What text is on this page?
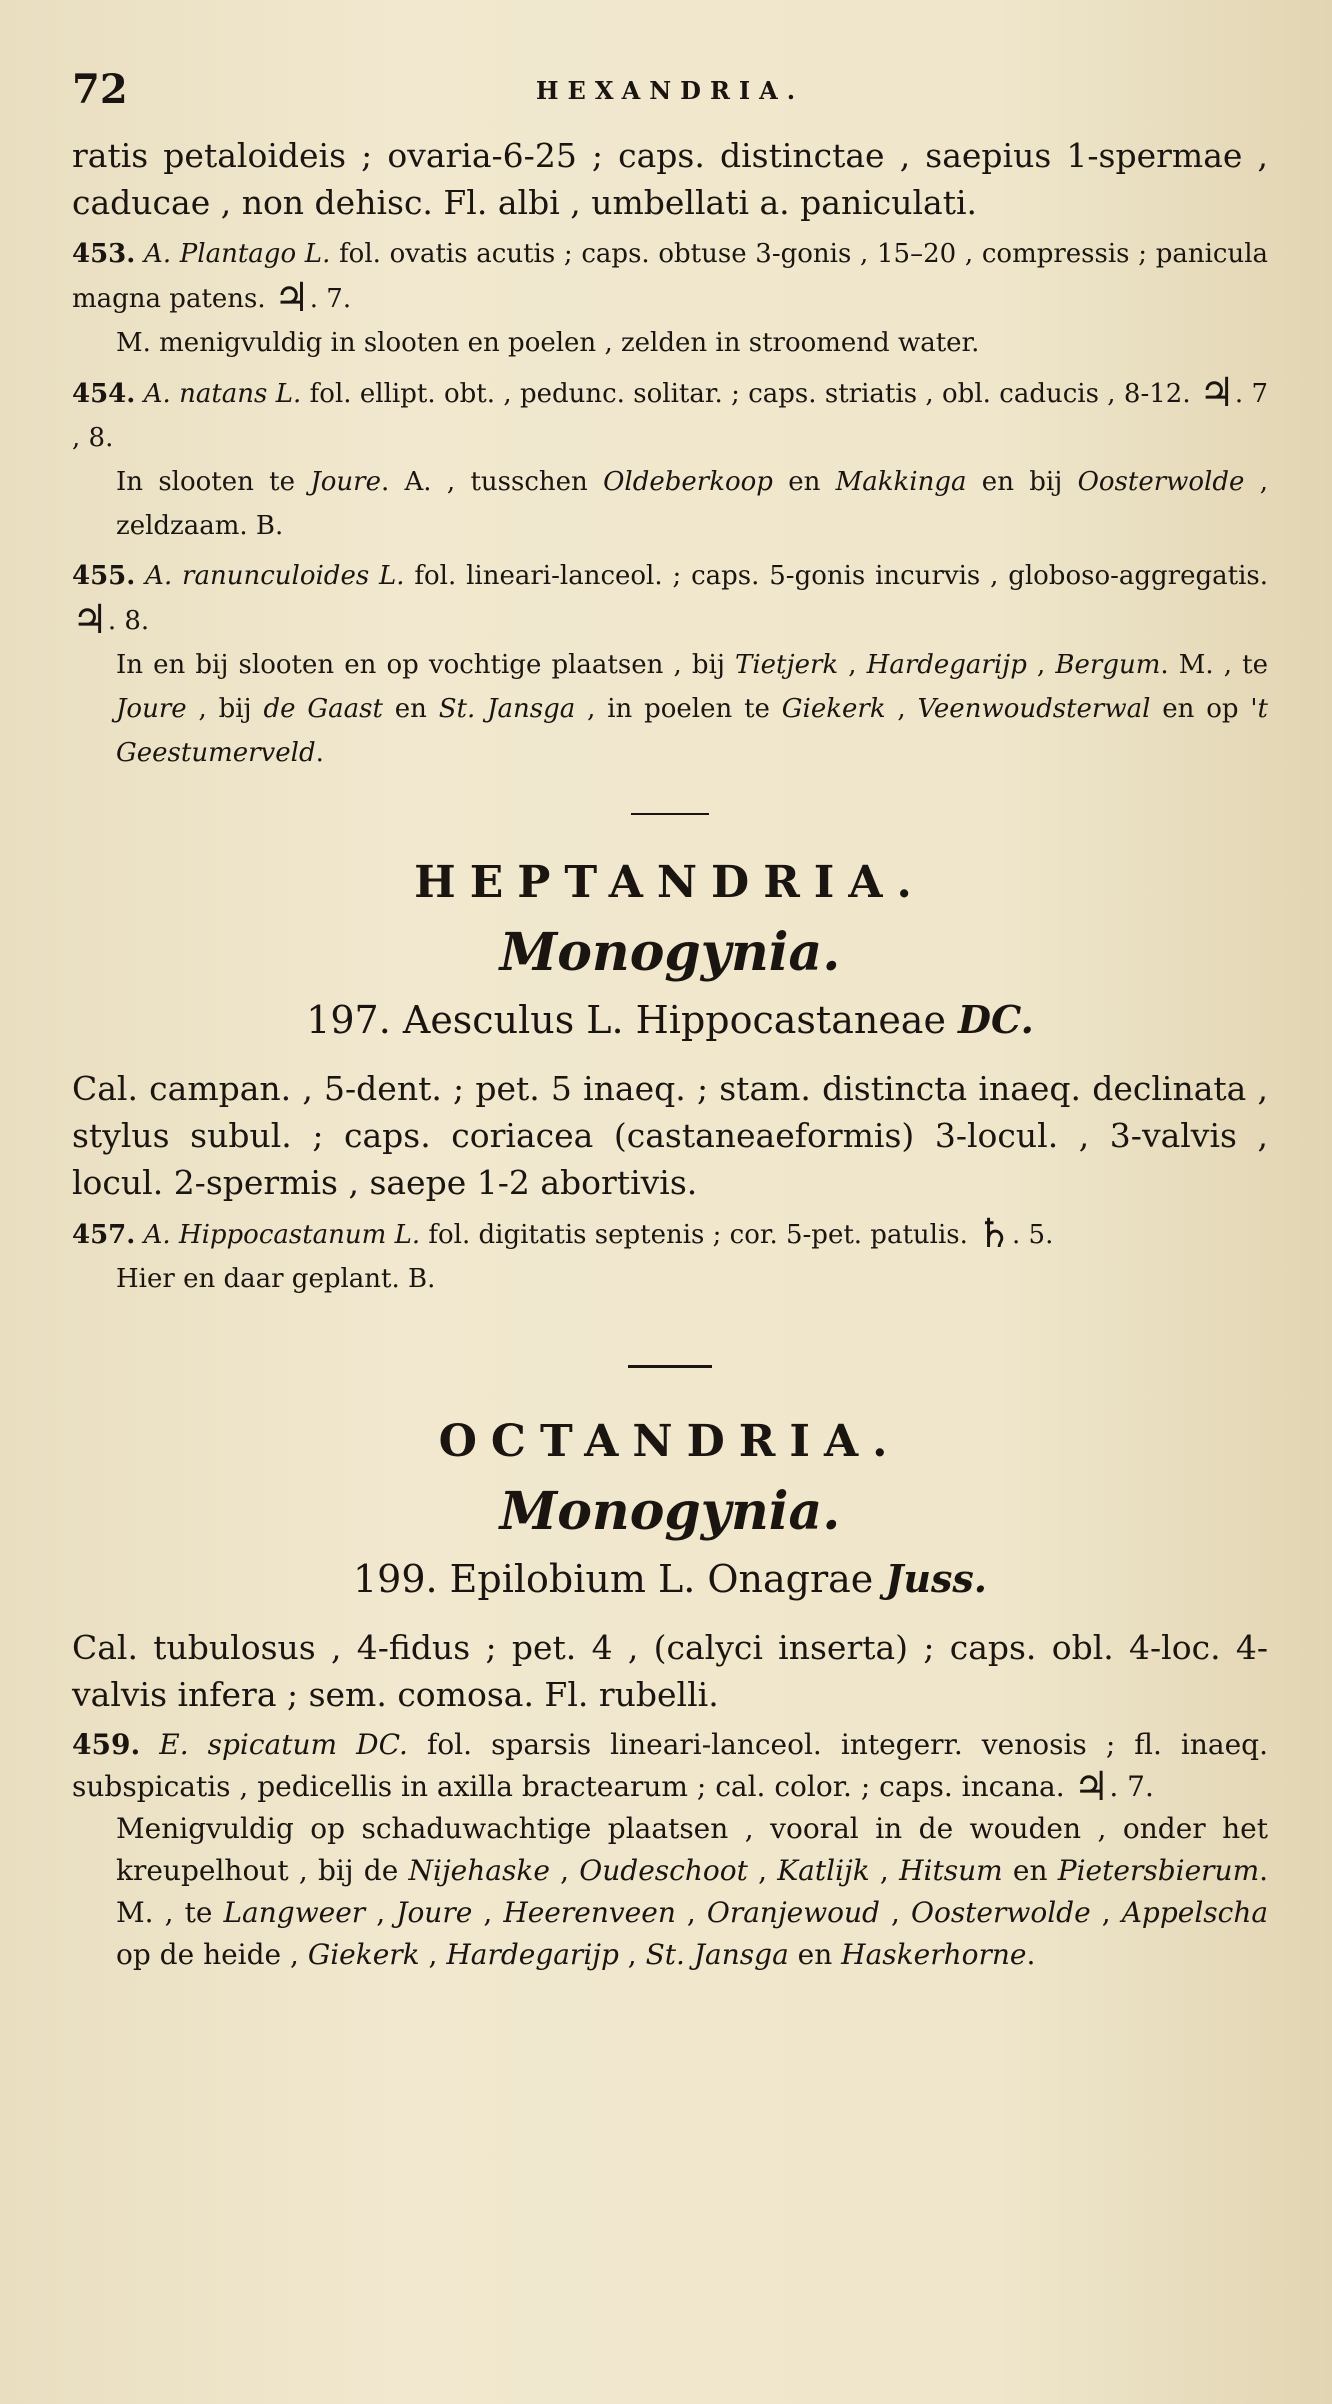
72	HEXANDRIA.

ratis petaloideis ; ovaria-6-25 ; caps. distinctae , saepius 1-spermae , caducae , non dehisc. Fl. albi , umbellati a. paniculati.

453. A. Plantago L. fol. ovatis acutis ; caps. obtuse 3-gonis , 15–20 , compressis ; panicula magna patens. ♃. 7.

M. menigvuldig in slooten en poelen , zelden in stroomend water.

454. A. natans L. fol. ellipt. obt. , pedunc. solitar. ; caps. striatis , obl. caducis , 8-12. ♃. 7 , 8.

In slooten te Joure. A. , tusschen Oldeberkoop en Makkinga en bij Oosterwolde , zeldzaam. B.

455. A. ranunculoides L. fol. lineari-lanceol. ; caps. 5-gonis incurvis , globoso-aggregatis. ♃. 8.

In en bij slooten en op vochtige plaatsen , bij Tietjerk , Hardegarijp , Bergum. M. , te Joure , bij de Gaast en St. Jansga , in poelen te Giekerk , Veenwoudsterwal en op 't Geestumerveld.

HEPTANDRIA.
Monogynia.
197. Aesculus L. Hippocastaneae DC.

Cal. campan. , 5-dent. ; pet. 5 inaeq. ; stam. distincta inaeq. declinata , stylus subul. ; caps. coriacea (castaneaeformis) 3-locul. , 3-valvis , locul. 2-spermis , saepe 1-2 abortivis.

457. A. Hippocastanum L. fol. digitatis septenis ; cor. 5-pet. patulis. ♄. 5.

Hier en daar geplant. B.

OCTANDRIA.
Monogynia.
199. Epilobium L. Onagrae Juss.

Cal. tubulosus , 4-fidus ; pet. 4 , (calyci inserta) ; caps. obl. 4-loc. 4-valvis infera ; sem. comosa. Fl. rubelli.

459. E. spicatum DC. fol. sparsis lineari-lanceol. integerr. venosis ; fl. inaeq. subspicatis , pedicellis in axilla bractearum ; cal. color. ; caps. incana. ♃. 7.

Menigvuldig op schaduwachtige plaatsen , vooral in de wouden , onder het kreupelhout , bij de Nijehaske , Oudeschoot , Katlijk , Hitsum en Pietersbierum. M. , te Langweer , Joure , Heerenveen , Oranjewoud , Oosterwolde , Appelscha op de heide , Giekerk , Hardegarijp , St. Jansga en Haskerhorne.
